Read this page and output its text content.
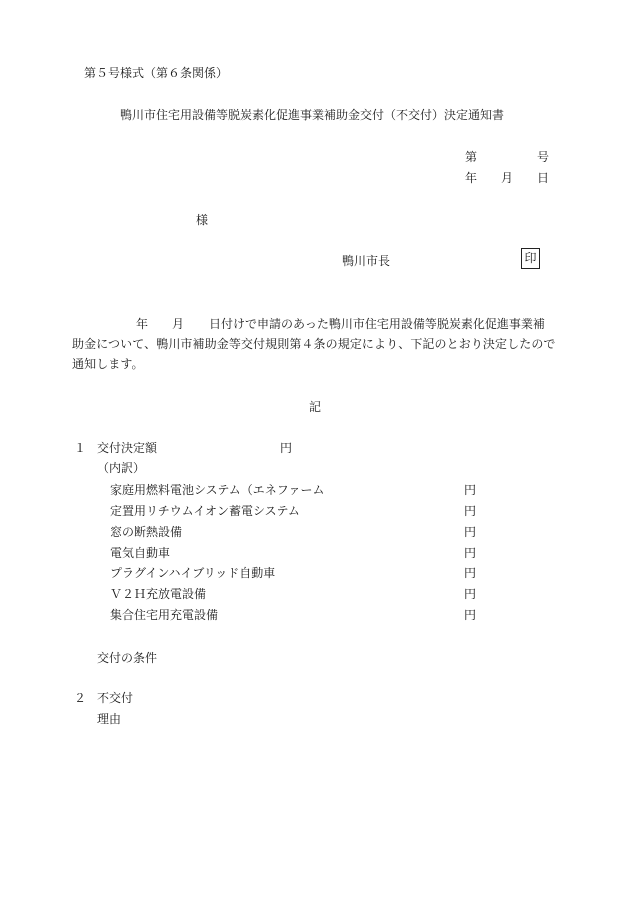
第５号様式（第６条関係）
鴨川市住宅用設備等脱炭素化促進事業補助金交付（不交付）決定通知書
第	号
年 月 日
様
鴨川市長	印
年 月 日付けで申請のあった鴨川市住宅用設備等脱炭素化促進事業補
助金について、鴨川市補助金等交付規則第４条の規定により、下記のとおり決定したので
通知します。
記
１ 交付決定額	円
（内訳）
家庭用燃料電池システム（エネファーム	円
定置用リチウムイオン蓄電システム	円
窓の断熱設備	円
電気自動車	円
プラグインハイブリッド自動車	円
Ｖ２Ｈ充放電設備	円
集合住宅用充電設備	円
交付の条件
２ 不交付
理由
